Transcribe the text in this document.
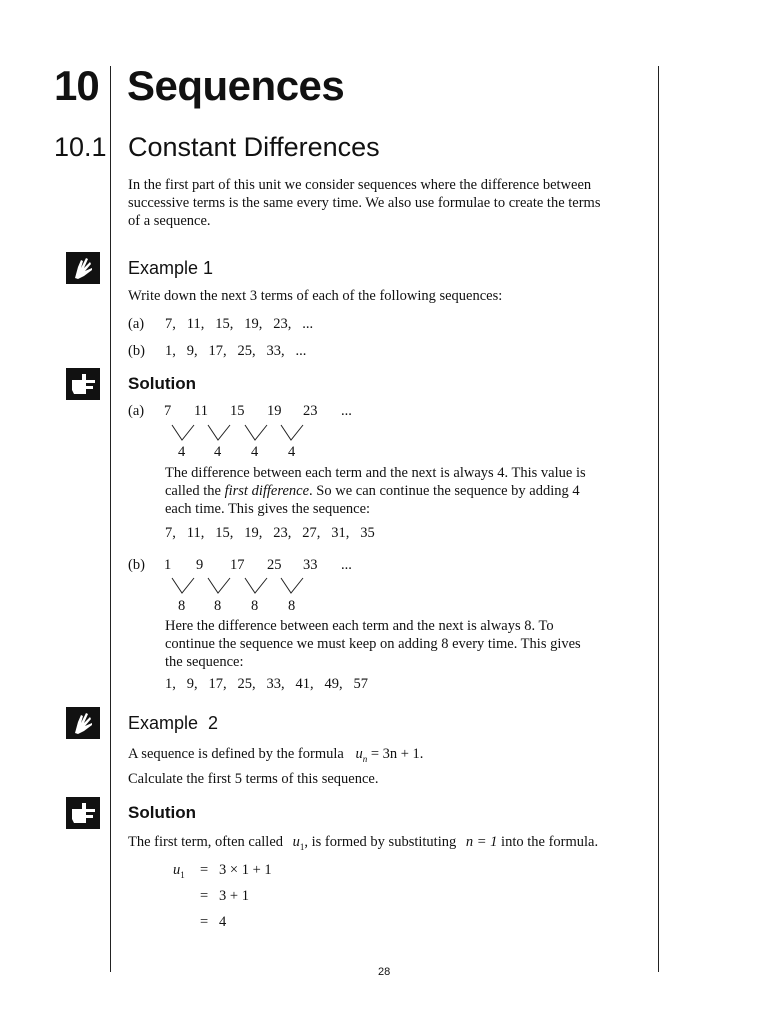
10 Sequences
10.1 Constant Differences
In the first part of this unit we consider sequences where the difference between
successive terms is the same every time. We also use formulae to create the terms
of a sequence.
Example 1
Write down the next 3 terms of each of the following sequences:
(a) 7,   11,   15,   19,   23,   ...
(b) 1,   9,   17,   25,   33,   ...
Solution
(a) 7 11 15 19 23 ...
4 4 4 4
The difference between each term and the next is always 4. This value is
called the first difference. So we can continue the sequence by adding 4
each time. This gives the sequence:
7,   11,   15,   19,   23,   27,   31,   35
(b) 1 9 17 25 33 ...
8 8 8 8
Here the difference between each term and the next is always 8. To
continue the sequence we must keep on adding 8 every time. This gives
the sequence:
1,   9,   17,   25,   33,   41,   49,   57
Example  2
A sequence is defined by the formula $u_n = 3n + 1$.
Calculate the first 5 terms of this sequence.
Solution
The first term, often called $u_1$, is formed by substituting n = 1 into the formula.
$u_1 = 3 \times 1 + 1$
=   3 + 1
=   4
28
